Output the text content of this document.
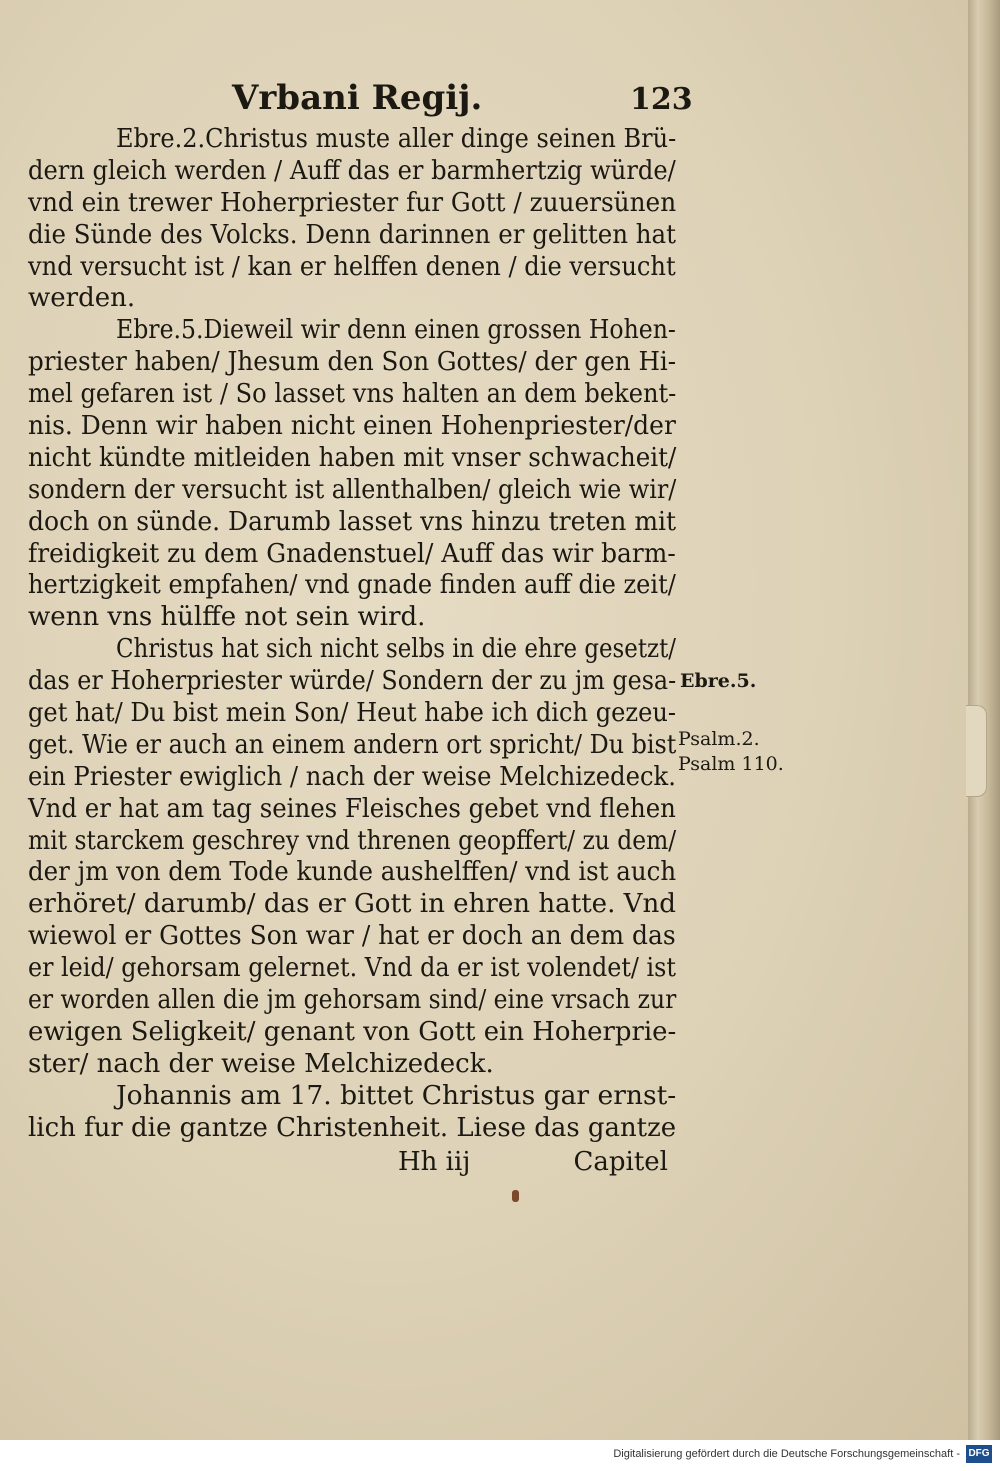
Vrbani Regij.	123
Ebre.2.Christus muste aller dinge seinen Brü-
dern gleich werden / Auff das er barmhertzig würde/
vnd ein trewer Hoherpriester fur Gott / zuuersünen
die Sünde des Volcks. Denn darinnen er gelitten hat
vnd versucht ist / kan er helffen denen / die versucht
werden.
Ebre.5.Dieweil wir denn einen grossen Hohen-
priester haben/ Jhesum den Son Gottes/ der gen Hi-
mel gefaren ist / So lasset vns halten an dem bekent-
nis. Denn wir haben nicht einen Hohenpriester/der
nicht kündte mitleiden haben mit vnser schwacheit/
sondern der versucht ist allenthalben/ gleich wie wir/
doch on sünde. Darumb lasset vns hinzu treten mit
freidigkeit zu dem Gnadenstuel/ Auff das wir barm-
hertzigkeit empfahen/ vnd gnade finden auff die zeit/
wenn vns hülffe not sein wird.
Christus hat sich nicht selbs in die ehre gesetzt/
das er Hoherpriester würde/ Sondern der zu jm gesa-
get hat/ Du bist mein Son/ Heut habe ich dich gezeu-
get. Wie er auch an einem andern ort spricht/ Du bist
ein Priester ewiglich / nach der weise Melchizedeck.
Vnd er hat am tag seines Fleisches gebet vnd flehen
mit starckem geschrey vnd threnen geopffert/ zu dem/
der jm von dem Tode kunde aushelffen/ vnd ist auch
erhöret/ darumb/ das er Gott in ehren hatte. Vnd
wiewol er Gottes Son war / hat er doch an dem das
er leid/ gehorsam gelernet. Vnd da er ist volendet/ ist
er worden allen die jm gehorsam sind/ eine vrsach zur
ewigen Seligkeit/ genant von Gott ein Hoherprie-
ster/ nach der weise Melchizedeck.
Johannis am 17. bittet Christus gar ernst-
lich fur die gantze Christenheit. Liese das gantze
Hh iij	Capitel
Ebre.5.
Psalm.2.
Psalm 110.
Digitalisierung gefördert durch die Deutsche Forschungsgemeinschaft - DFG
